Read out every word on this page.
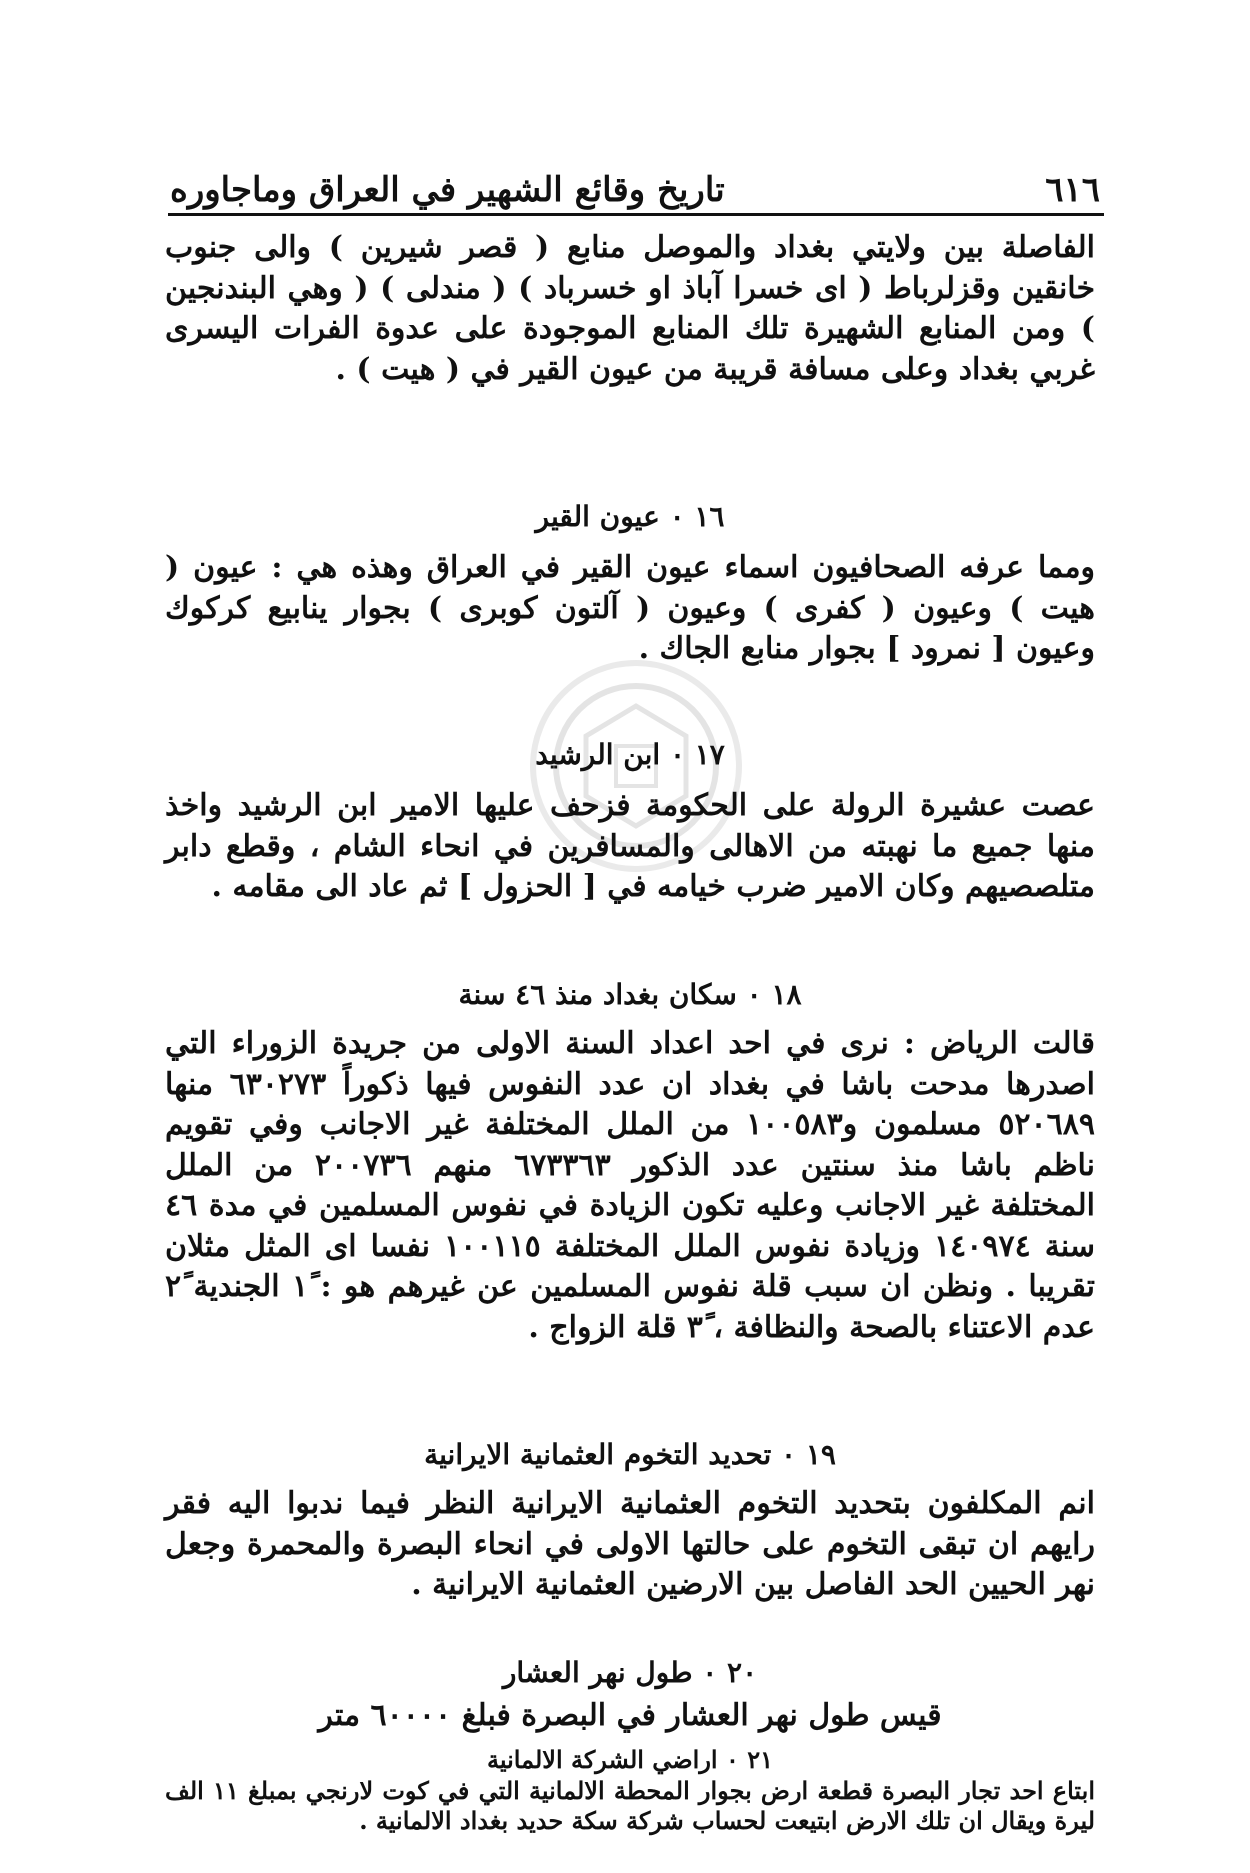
٦١٦
تاريخ وقائع الشهير في العراق وماجاوره
الفاصلة بين ولايتي بغداد والموصل منابع ( قصر شيرين ) والى جنوب خانقين وقزلرباط ( اى خسرا آباذ او خسرباد ) ( مندلى ) ( وهي البندنجين ) ومن المنابع الشهيرة تلك المنابع الموجودة على عدوة الفرات اليسرى غربي بغداد وعلى مسافة قريبة من عيون القير في ( هيت ) .
١٦ ٠ عيون القير
ومما عرفه الصحافيون اسماء عيون القير في العراق وهذه هي : عيون ( هيت ) وعيون ( كفرى ) وعيون ( آلتون كوبرى ) بجوار ينابيع كركوك وعيون [ نمرود ] بجوار منابع الجاك .
١٧ ٠ ابن الرشيد
عصت عشيرة الرولة على الحكومة فزحف عليها الامير ابن الرشيد واخذ منها جميع ما نهبته من الاهالى والمسافرين في انحاء الشام ، وقطع دابر متلصصيهم وكان الامير ضرب خيامه في [ الحزول ] ثم عاد الى مقامه .
١٨ ٠ سكان بغداد منذ ٤٦ سنة
قالت الرياض : نرى في احد اعداد السنة الاولى من جريدة الزوراء التي اصدرها مدحت باشا في بغداد ان عدد النفوس فيها ذكوراً ٦٣٠٢٧٣ منها ٥٢٠٦٨٩ مسلمون و١٠٠٥٨٣ من الملل المختلفة غير الاجانب وفي تقويم ناظم باشا منذ سنتين عدد الذكور ٦٧٣٣٦٣ منهم ٢٠٠٧٣٦ من الملل المختلفة غير الاجانب وعليه تكون الزيادة في نفوس المسلمين في مدة ٤٦ سنة ١٤٠٩٧٤ وزيادة نفوس الملل المختلفة ١٠٠١١٥ نفسا اى المثل مثلان تقريبا . ونظن ان سبب قلة نفوس المسلمين عن غيرهم هو : ١ً الجندية ٢ً عدم الاعتناء بالصحة والنظافة ، ٣ً قلة الزواج .
١٩ ٠ تحديد التخوم العثمانية الايرانية
انم المكلفون بتحديد التخوم العثمانية الايرانية النظر فيما ندبوا اليه فقر رايهم ان تبقى التخوم على حالتها الاولى في انحاء البصرة والمحمرة وجعل نهر الحيين الحد الفاصل بين الارضين العثمانية الايرانية .
٢٠ ٠ طول نهر العشار
قيس طول نهر العشار في البصرة فبلغ ٦٠٠٠٠ متر
٢١ ٠ اراضي الشركة الالمانية
ابتاع احد تجار البصرة قطعة ارض بجوار المحطة الالمانية التي في كوت لارنجي بمبلغ ١١ الف ليرة ويقال ان تلك الارض ابتيعت لحساب شركة سكة حديد بغداد الالمانية .
